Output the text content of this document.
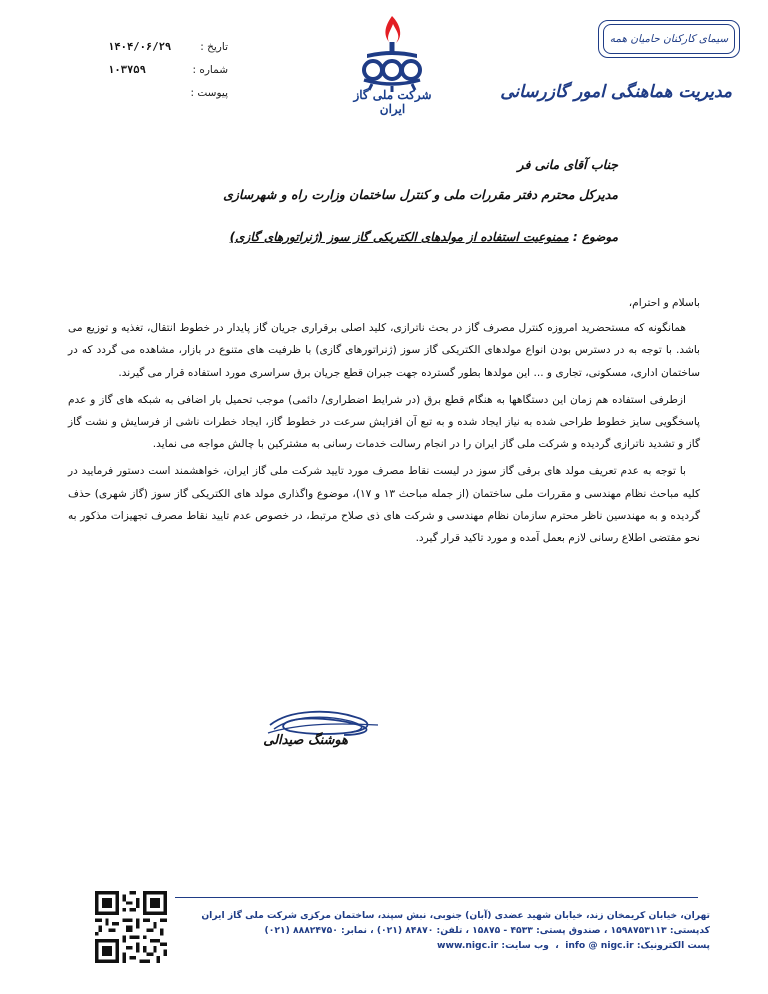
تاریخ :
۱۴۰۴/۰۶/۲۹
شماره :
۱۰۳۷۵۹
پیوست :	شرکت ملی گاز ایران
سیمای کارکنان حامیان همه
مدیریت هماهنگی امور گازرسانی
جناب آقای مانی فر
مدیرکل محترم دفتر مقررات ملی و کنترل ساختمان وزارت راه و شهرسازی
موضوع : ممنوعیت استفاده از مولدهای الکتریکی گاز سوز (ژنراتورهای گازی)

باسلام و احترام،

همانگونه که مستحضرید امروزه کنترل مصرف گاز در بحث ناترازی، کلید اصلی برقراری جریان گاز پایدار در خطوط انتقال، تغذیه و توزیع می باشد. با توجه به در دسترس بودن انواع مولدهای الکتریکی گاز سوز (ژنراتورهای گازی) با ظرفیت های متنوع در بازار، مشاهده می گردد که در ساختمان اداری، مسکونی، تجاری و ... این مولدها بطور گسترده جهت جبران قطع جریان برق سراسری مورد استفاده قرار می گیرند.

ازطرفی استفاده هم زمان این دستگاهها به هنگام قطع برق (در شرایط اضطراری/ دائمی) موجب تحمیل بار اضافی به شبکه های گاز و عدم پاسخگویی سایز خطوط طراحی شده به نیاز ایجاد شده و به تبع آن افزایش سرعت در خطوط گاز، ایجاد خطرات ناشی از فرسایش و نشت گاز گاز و تشدید ناترازی گردیده و شرکت ملی گاز ایران را در انجام رسالت خدمات رسانی به مشترکین با چالش مواجه می نماید.

با توجه به عدم تعریف مولد های برقی گاز سوز در لیست نقاط مصرف مورد تایید شرکت ملی گاز ایران، خواهشمند است دستور فرمایید در کلیه مباحث نظام مهندسی و مقررات ملی ساختمان (از جمله مباحث ۱۳ و ۱۷)، موضوع واگذاری مولد های الکتریکی گاز سوز (گاز شهری) حذف گردیده و به مهندسین ناظر محترم سازمان نظام مهندسی و شرکت های ذی صلاح مرتبط، در خصوص عدم تایید نقاط مصرف تجهیزات مذکور به نحو مقتضی اطلاع رسانی لازم بعمل آمده و مورد تاکید قرار گیرد.

هوشنگ صیدالی
تهران، خیابان کریمخان زند، خیابان شهید عضدی (آبان) جنوبی، نبش سپند، ساختمان مرکزی شرکت ملی گاز ایران
کدپستی: ۱۵۹۸۷۵۳۱۱۳ ، صندوق پستی: ۴۵۳۳ - ۱۵۸۷۵ ، تلفن: ۸۴۸۷۰ (۰۲۱) ، نمابر: ۸۸۸۲۴۷۵۰ (۰۲۱)
پست الکترونیک: info @ nigc.ir  ،  وب سایت: www.nigc.ir
